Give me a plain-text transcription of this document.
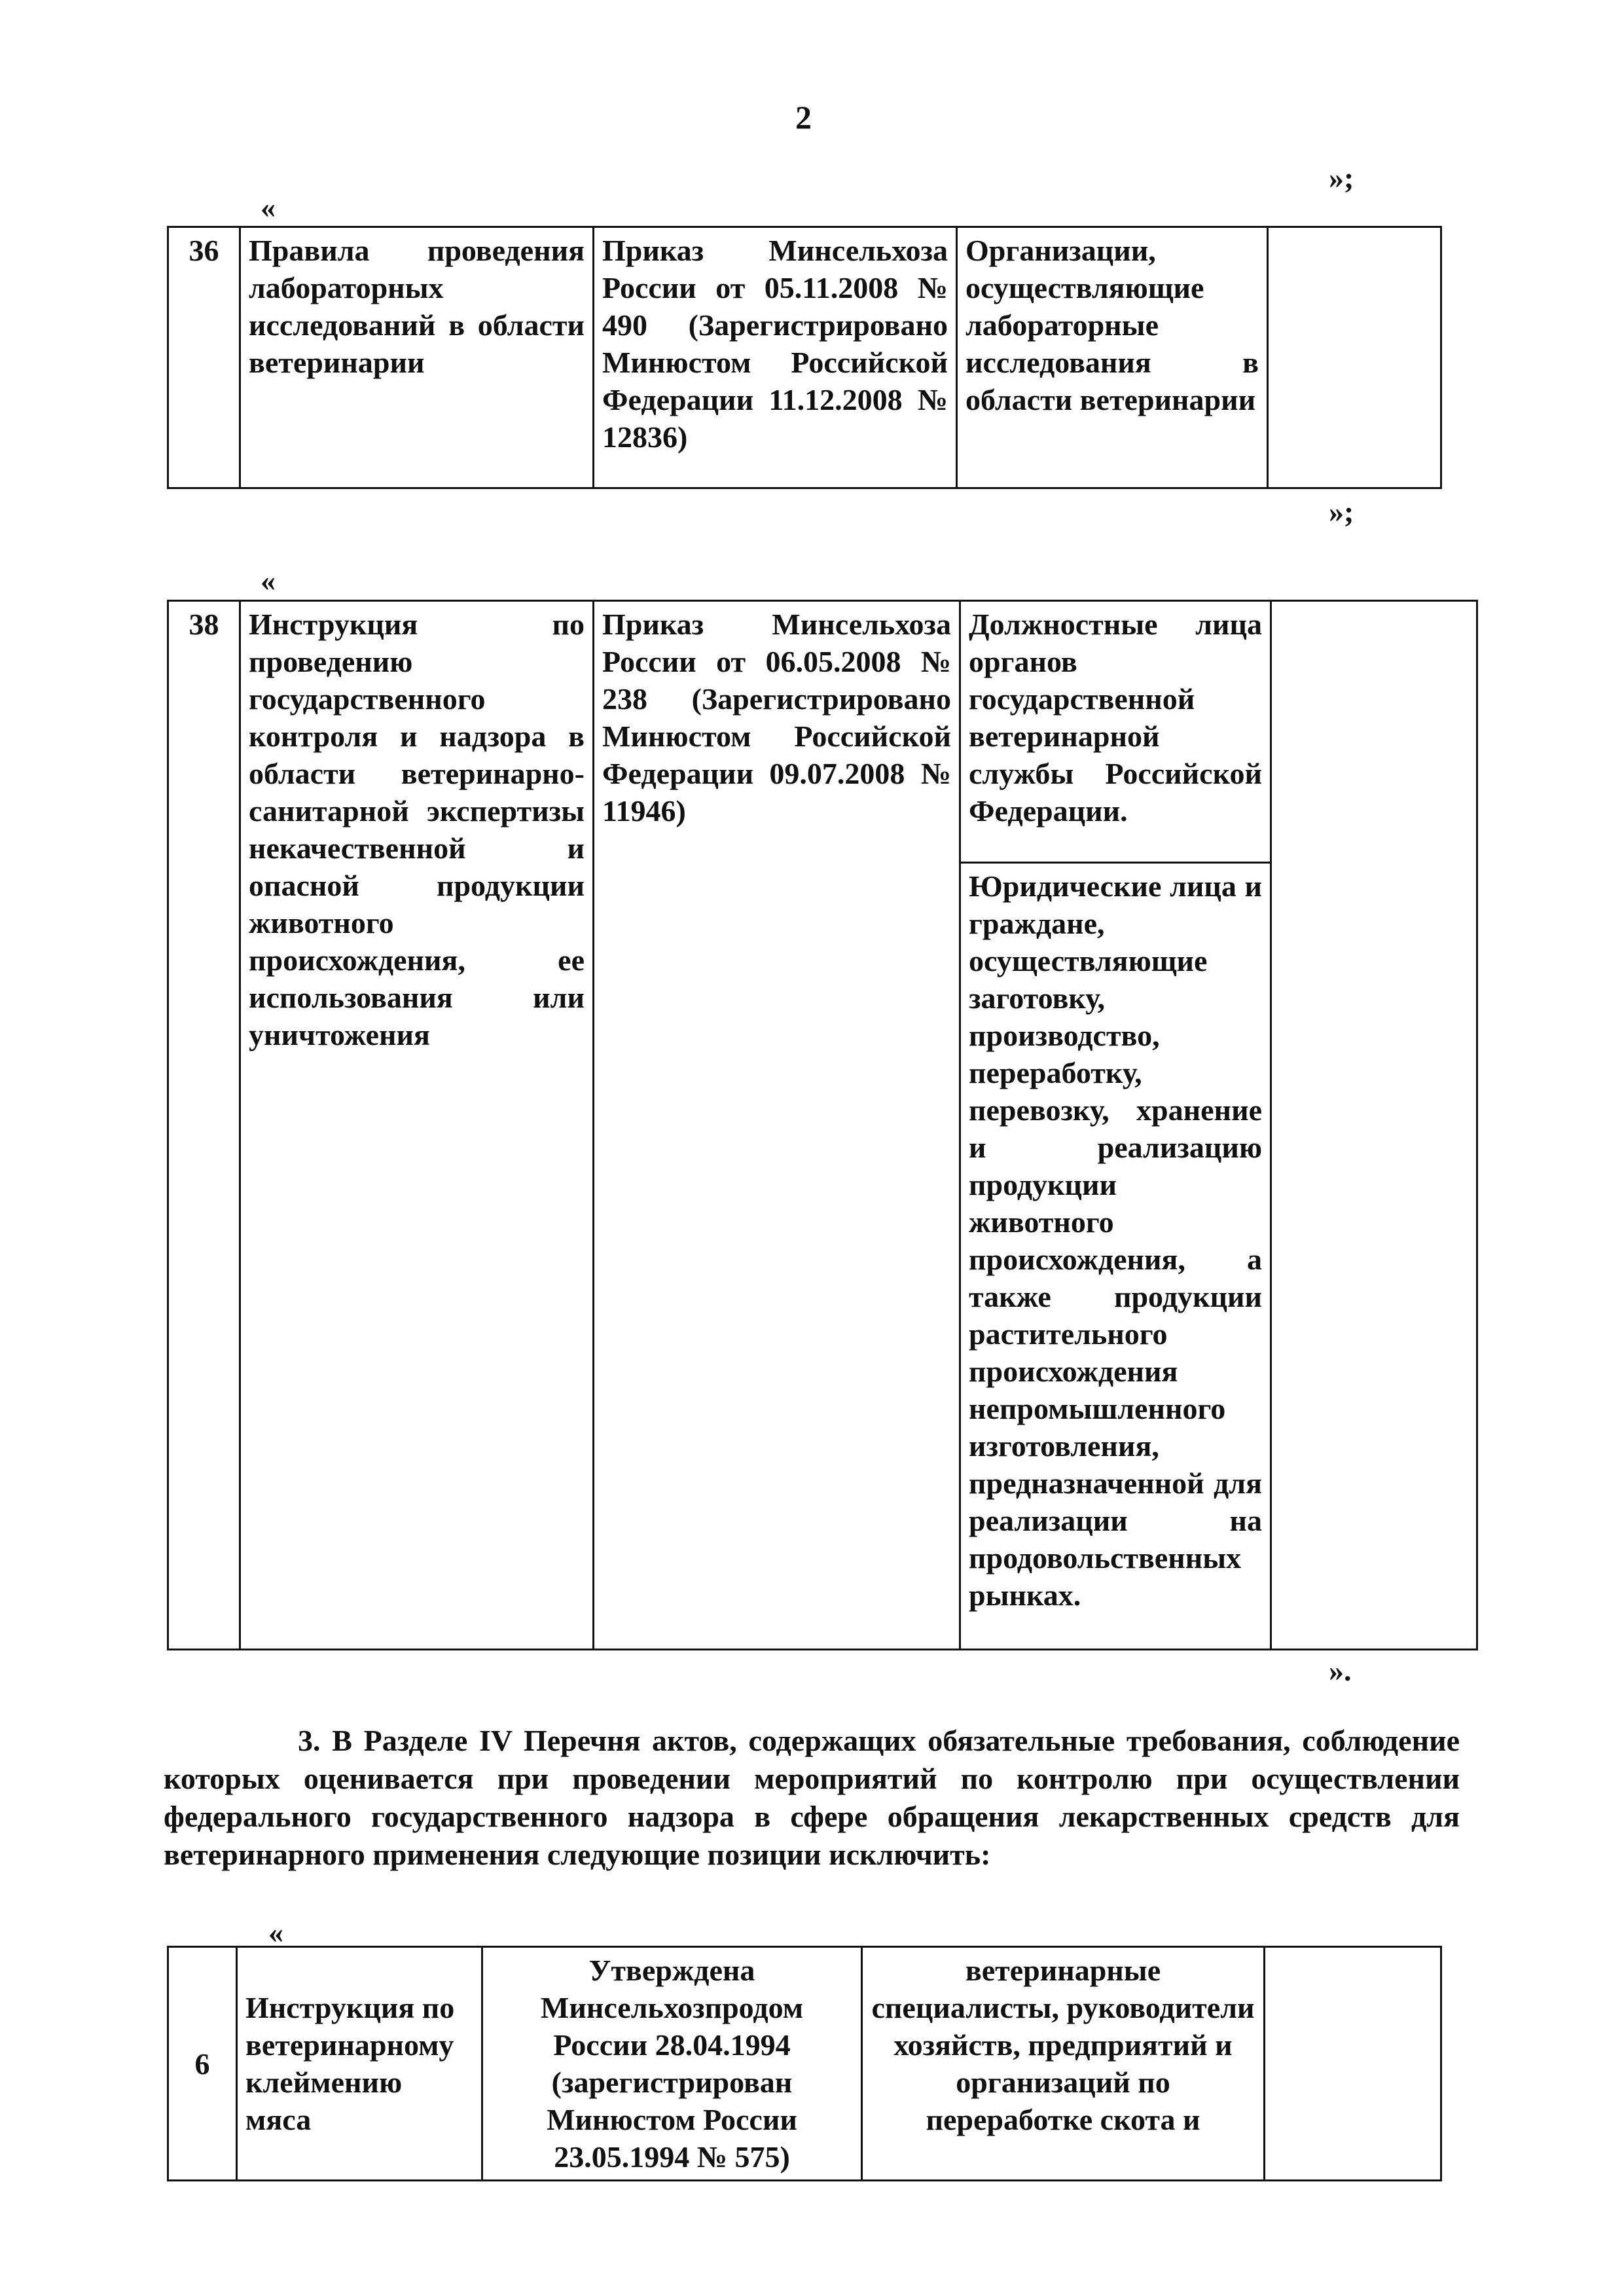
2
»;
«
36	Правила проведения лабораторных исследований в области ветеринарии	Приказ Минсельхоза России от 05.11.2008 № 490 (Зарегистрировано Минюстом Российской Федерации 11.12.2008 № 12836)	Организации, осуществляющие лабораторные исследования в области ветеринарии	
»;
«
38	Инструкция по проведению государственного контроля и надзора в области ветеринарно-санитарной экспертизы некачественной и опасной продукции животного происхождения, ее использования или уничтожения	Приказ Минсельхоза России от 06.05.2008 № 238 (Зарегистрировано Минюстом Российской Федерации 09.07.2008 № 11946)	Должностные лица органов государственной ветеринарной службы Российской Федерации.	
Юридические лица и граждане, осуществляющие заготовку, производство, переработку, перевозку, хранение и реализацию продукции животного происхождения, а также продукции растительного происхождения непромышленного изготовления, предназначенной для реализации на продовольственных рынках.
».
3. В Разделе IV Перечня актов, содержащих обязательные требования, соблюдение которых оценивается при проведении мероприятий по контролю при осуществлении федерального государственного надзора в сфере обращения лекарственных средств для ветеринарного применения следующие позиции исключить:
«
6	Инструкция по ветеринарному клеймению мяса	Утверждена Минсельхозпродом России 28.04.1994 (зарегистрирован Минюстом России 23.05.1994 № 575)	ветеринарные специалисты, руководители хозяйств, предприятий и организаций по переработке скота и	
